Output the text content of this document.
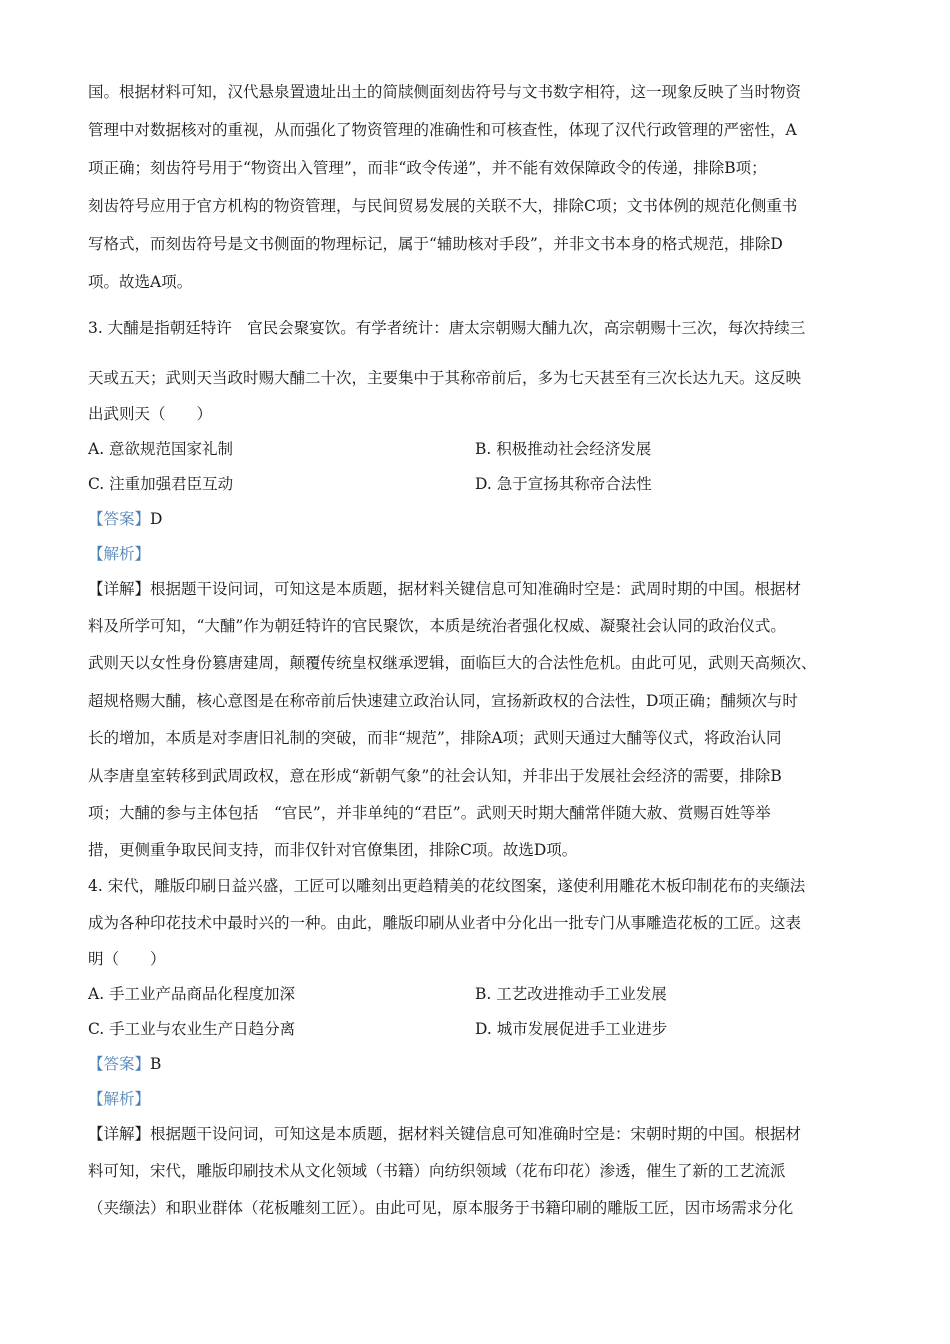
国。根据材料可知，汉代悬泉置遗址出土的简牍侧面刻齿符号与文书数字相符，这一现象反映了当时物资
管理中对数据核对的重视，从而强化了物资管理的准确性和可核查性，体现了汉代行政管理的严密性，A
项正确；刻齿符号用于“物资出入管理”，而非“政令传递”，并不能有效保障政令的传递，排除B项；
刻齿符号应用于官方机构的物资管理，与民间贸易发展的关联不大，排除C项；文书体例的规范化侧重书
写格式，而刻齿符号是文书侧面的物理标记，属于“辅助核对手段”，并非文书本身的格式规范，排除D
项。故选A项。
3. 大酺是指朝廷特许　官民会聚宴饮。有学者统计：唐太宗朝赐大酺九次，高宗朝赐十三次，每次持续三
天或五天；武则天当政时赐大酺二十次，主要集中于其称帝前后，多为七天甚至有三次长达九天。这反映
出武则天（　　）
A. 意欲规范国家礼制	B. 积极推动社会经济发展
C. 注重加强君臣互动	D. 急于宣扬其称帝合法性
【答案】D
【解析】
【详解】根据题干设问词，可知这是本质题，据材料关键信息可知准确时空是：武周时期的中国。根据材
料及所学可知，“大酺”作为朝廷特许的官民聚饮，本质是统治者强化权威、凝聚社会认同的政治仪式。
武则天以女性身份篡唐建周，颠覆传统皇权继承逻辑，面临巨大的合法性危机。由此可见，武则天高频次、
超规格赐大酺，核心意图是在称帝前后快速建立政治认同，宣扬新政权的合法性，D项正确；酺频次与时
长的增加，本质是对李唐旧礼制的突破，而非“规范”，排除A项；武则天通过大酺等仪式，将政治认同
从李唐皇室转移到武周政权，意在形成“新朝气象”的社会认知，并非出于发展社会经济的需要，排除B
项；大酺的参与主体包括　“官民”，并非单纯的“君臣”。武则天时期大酺常伴随大赦、赏赐百姓等举
措，更侧重争取民间支持，而非仅针对官僚集团，排除C项。故选D项。
4. 宋代，雕版印刷日益兴盛，工匠可以雕刻出更趋精美的花纹图案，遂使利用雕花木板印制花布的夹缬法
成为各种印花技术中最时兴的一种。由此，雕版印刷从业者中分化出一批专门从事雕造花板的工匠。这表
明（　　）
A. 手工业产品商品化程度加深	B. 工艺改进推动手工业发展
C. 手工业与农业生产日趋分离	D. 城市发展促进手工业进步
【答案】B
【解析】
【详解】根据题干设问词，可知这是本质题，据材料关键信息可知准确时空是：宋朝时期的中国。根据材
料可知，宋代，雕版印刷技术从文化领域（书籍）向纺织领域（花布印花）渗透，催生了新的工艺流派
（夹缬法）和职业群体（花板雕刻工匠）。由此可见，原本服务于书籍印刷的雕版工匠，因市场需求分化
